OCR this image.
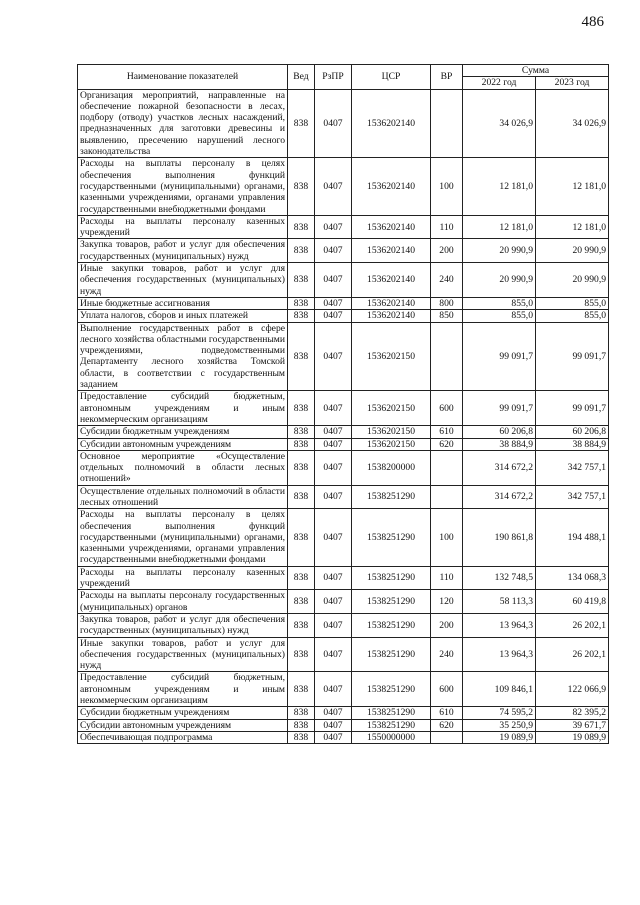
486
Наименование показателей	Вед	РзПР	ЦСР	ВР	Сумма	
					2022 год	2023 год
Организация мероприятий, направленные на обеспечение пожарной безопасности в лесах, подбору (отводу) участков лесных насаждений, предназначенных для заготовки древесины и выявлению, пресечению нарушений лесного законодательства	838	0407	1536202140		34 026,9	34 026,9
Расходы на выплаты персоналу в целях обеспечения выполнения функций государственными (муниципальными) органами, казенными учреждениями, органами управления государственными внебюджетными фондами	838	0407	1536202140	100	12 181,0	12 181,0
Расходы на выплаты персоналу казенных учреждений	838	0407	1536202140	110	12 181,0	12 181,0
Закупка товаров, работ и услуг для обеспечения государственных (муниципальных) нужд	838	0407	1536202140	200	20 990,9	20 990,9
Иные закупки товаров, работ и услуг для обеспечения государственных (муниципальных) нужд	838	0407	1536202140	240	20 990,9	20 990,9
Иные бюджетные ассигнования	838	0407	1536202140	800	855,0	855,0
Уплата налогов, сборов и иных платежей	838	0407	1536202140	850	855,0	855,0
Выполнение государственных работ в сфере лесного хозяйства областными государственными учреждениями, подведомственными Департаменту лесного хозяйства Томской области, в соответствии с государственным заданием	838	0407	1536202150		99 091,7	99 091,7
Предоставление субсидий бюджетным, автономным учреждениям и иным некоммерческим организациям	838	0407	1536202150	600	99 091,7	99 091,7
Субсидии бюджетным учреждениям	838	0407	1536202150	610	60 206,8	60 206,8
Субсидии автономным учреждениям	838	0407	1536202150	620	38 884,9	38 884,9
Основное мероприятие «Осуществление отдельных полномочий в области лесных отношений»	838	0407	1538200000		314 672,2	342 757,1
Осуществление отдельных полномочий в области лесных отношений	838	0407	1538251290		314 672,2	342 757,1
Расходы на выплаты персоналу в целях обеспечения выполнения функций государственными (муниципальными) органами, казенными учреждениями, органами управления государственными внебюджетными фондами	838	0407	1538251290	100	190 861,8	194 488,1
Расходы на выплаты персоналу казенных учреждений	838	0407	1538251290	110	132 748,5	134 068,3
Расходы на выплаты персоналу государственных (муниципальных) органов	838	0407	1538251290	120	58 113,3	60 419,8
Закупка товаров, работ и услуг для обеспечения государственных (муниципальных) нужд	838	0407	1538251290	200	13 964,3	26 202,1
Иные закупки товаров, работ и услуг для обеспечения государственных (муниципальных) нужд	838	0407	1538251290	240	13 964,3	26 202,1
Предоставление субсидий бюджетным, автономным учреждениям и иным некоммерческим организациям	838	0407	1538251290	600	109 846,1	122 066,9
Субсидии бюджетным учреждениям	838	0407	1538251290	610	74 595,2	82 395,2
Субсидии автономным учреждениям	838	0407	1538251290	620	35 250,9	39 671,7
Обеспечивающая подпрограмма	838	0407	1550000000		19 089,9	19 089,9
